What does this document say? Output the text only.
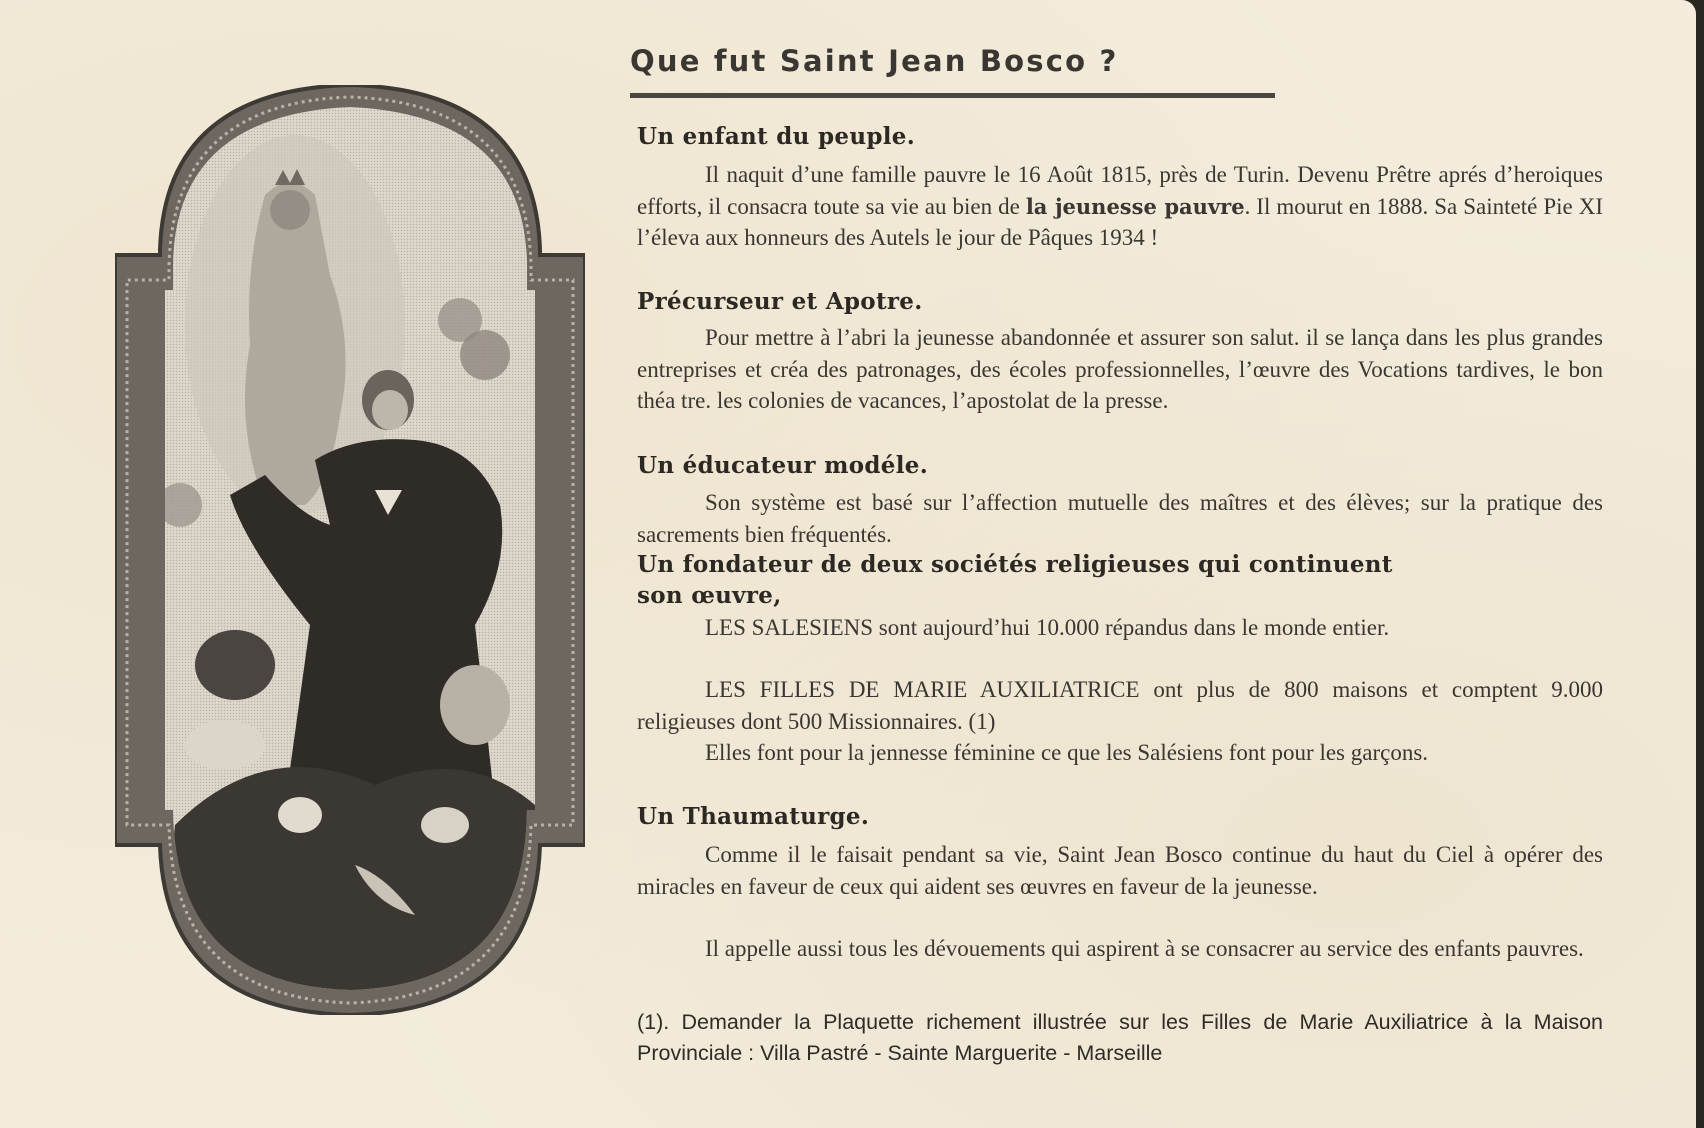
B.5576
Que fut Saint Jean Bosco ?
Un enfant du peuple.
Il naquit d’une famille pauvre le 16 Août 1815, près de Turin. Devenu Prêtre aprés d’heroiques efforts, il consacra toute sa vie au bien de la jeunesse pauvre. Il mourut en 1888. Sa Sainteté Pie XI l’éleva aux honneurs des Autels le jour de Pâques 1934 !
Précurseur et Apotre.
Pour mettre à l’abri la jeunesse abandonnée et assurer son salut. il se lança dans les plus grandes entreprises et créa des patronages, des écoles professionnelles, l’œuvre des Vocations tardives, le bon théa tre. les colonies de vacances, l’apostolat de la presse.
Un éducateur modéle.
Son système est basé sur l’affection mutuelle des maîtres et des élèves; sur la pratique des sacrements bien fréquentés.
Un fondateur de deux sociétés religieuses qui continuent
son œuvre,
LES SALESIENS sont aujourd’hui 10.000 répandus dans le monde entier.
LES FILLES DE MARIE AUXILIATRICE ont plus de 800 maisons et comptent 9.000 religieuses dont 500 Missionnaires. (1)
Elles font pour la jennesse féminine ce que les Salésiens font pour les garçons.
Un Thaumaturge.
Comme il le faisait pendant sa vie, Saint Jean Bosco continue du haut du Ciel à opérer des miracles en faveur de ceux qui aident ses œuvres en faveur de la jeunesse.
Il appelle aussi tous les dévouements qui aspirent à se consacrer au service des enfants pauvres.
(1). Demander la Plaquette richement illustrée sur les Filles de Marie Auxiliatrice à la Maison Provinciale : Villa Pastré - Sainte Marguerite - Marseille
